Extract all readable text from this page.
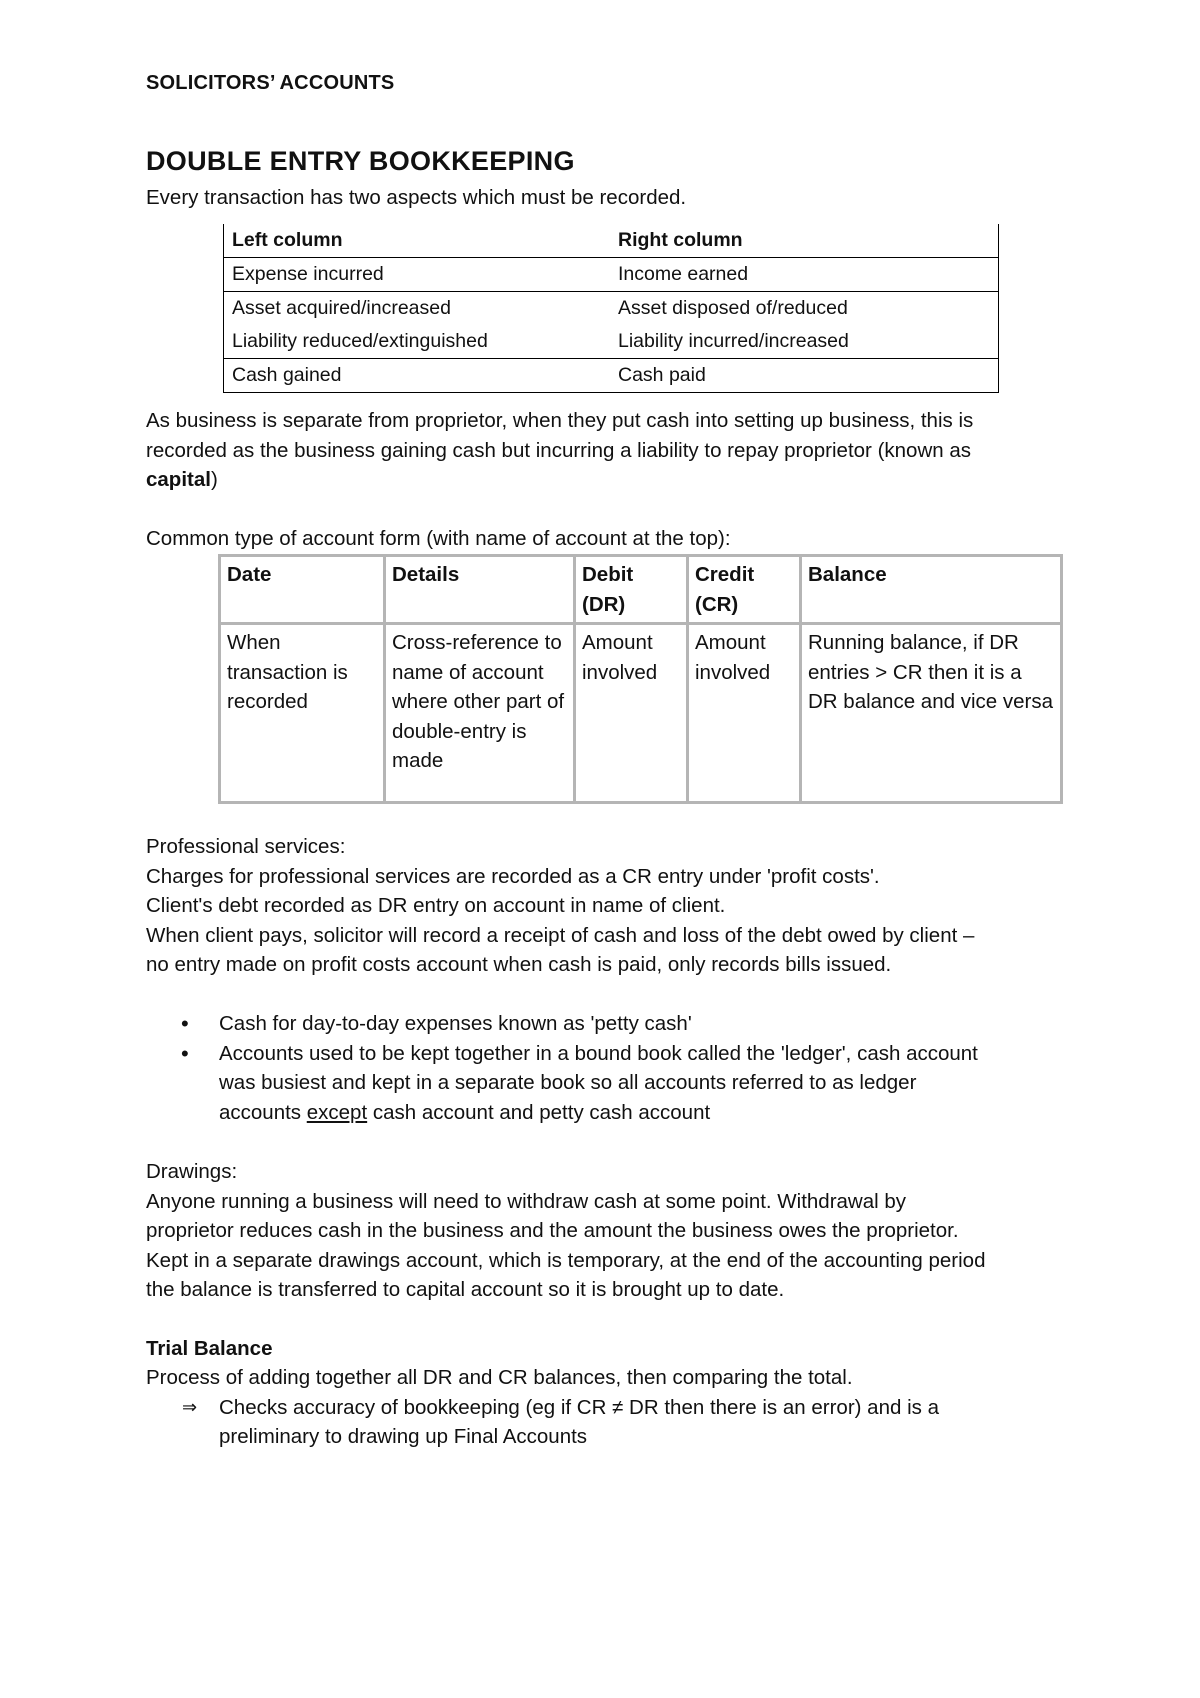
SOLICITORS’ ACCOUNTS
DOUBLE ENTRY BOOKKEEPING
Every transaction has two aspects which must be recorded.
Left column	Right column
Expense incurred	Income earned
Asset acquired/increased	Asset disposed of/reduced
Liability reduced/extinguished	Liability incurred/increased
Cash gained	Cash paid
As business is separate from proprietor, when they put cash into setting up business, this is
recorded as the business gaining cash but incurring a liability to repay proprietor (known as
capital)
Common type of account form (with name of account at the top):
Date	Details	Debit (DR)	Credit (CR)	Balance
When transaction is recorded	Cross-reference to name of account where other part of double-entry is made	Amount involved	Amount involved	Running balance, if DR entries > CR then it is a DR balance and vice versa
Professional services:
Charges for professional services are recorded as a CR entry under 'profit costs'.
Client's debt recorded as DR entry on account in name of client.
When client pays, solicitor will record a receipt of cash and loss of the debt owed by client –
no entry made on profit costs account when cash is paid, only records bills issued.
• Cash for day-to-day expenses known as 'petty cash'
• Accounts used to be kept together in a bound book called the 'ledger', cash account
was busiest and kept in a separate book so all accounts referred to as ledger
accounts except cash account and petty cash account
Drawings:
Anyone running a business will need to withdraw cash at some point. Withdrawal by
proprietor reduces cash in the business and the amount the business owes the proprietor.
Kept in a separate drawings account, which is temporary, at the end of the accounting period
the balance is transferred to capital account so it is brought up to date.
Trial Balance
Process of adding together all DR and CR balances, then comparing the total.
⇒ Checks accuracy of bookkeeping (eg if CR ≠ DR then there is an error) and is a
preliminary to drawing up Final Accounts
